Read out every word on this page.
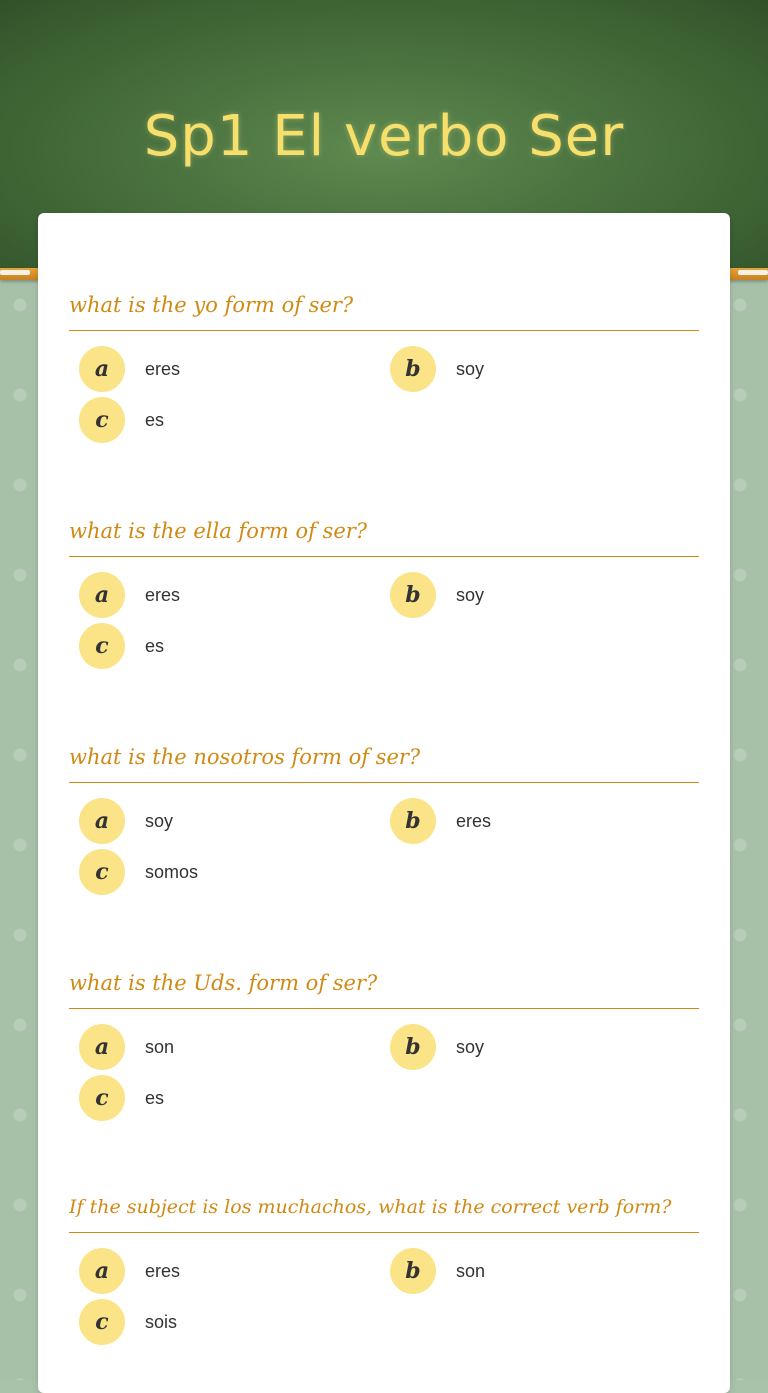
Sp1 El verbo Ser
what is the yo form of ser?
a	eres	b	soy
c	es
what is the ella form of ser?
a	eres	b	soy
c	es
what is the nosotros form of ser?
a	soy	b	eres
c	somos
what is the Uds. form of ser?
a	son	b	soy
c	es
If the subject is los muchachos, what is the correct verb form?
a	eres	b	son
c	sois
